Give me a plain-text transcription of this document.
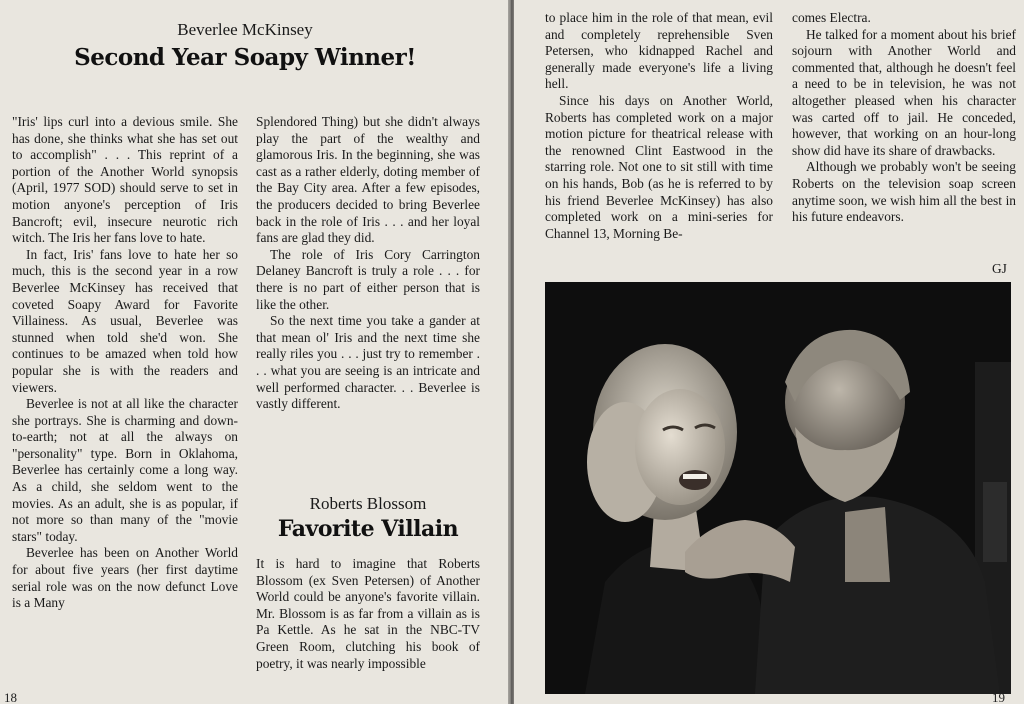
Beverlee McKinsey
Second Year Soapy Winner!

"Iris' lips curl into a devious smile. She has done, she thinks what she has set out to accomplish" . . . This reprint of a portion of the Another World synopsis (April, 1977 SOD) should serve to set in motion anyone's perception of Iris Bancroft; evil, insecure neurotic rich witch. The Iris her fans love to hate.

In fact, Iris' fans love to hate her so much, this is the second year in a row Beverlee McKinsey has received that coveted Soapy Award for Favorite Villainess. As usual, Beverlee was stunned when told she'd won. She continues to be amazed when told how popular she is with the readers and viewers.

Beverlee is not at all like the character she portrays. She is charming and down-to-earth; not at all the always on "personality" type. Born in Oklahoma, Beverlee has certainly come a long way. As a child, she seldom went to the movies. As an adult, she is as popular, if not more so than many of the "movie stars" today.

Beverlee has been on Another World for about five years (her first daytime serial role was on the now defunct Love is a Many

Splendored Thing) but she didn't always play the part of the wealthy and glamorous Iris. In the beginning, she was cast as a rather elderly, doting member of the Bay City area. After a few episodes, the producers decided to bring Beverlee back in the role of Iris . . . and her loyal fans are glad they did.

The role of Iris Cory Carrington Delaney Bancroft is truly a role . . . for there is no part of either person that is like the other.

So the next time you take a gander at that mean ol' Iris and the next time she really riles you . . . just try to remember . . . what you are seeing is an intricate and well performed character. . . Beverlee is vastly different.

Roberts Blossom
Favorite Villain

It is hard to imagine that Roberts Blossom (ex Sven Petersen) of Another World could be anyone's favorite villain. Mr. Blossom is as far from a villain as is Pa Kettle. As he sat in the NBC-TV Green Room, clutching his book of poetry, it was nearly impossible

18

to place him in the role of that mean, evil and completely reprehensible Sven Petersen, who kidnapped Rachel and generally made everyone's life a living hell.

Since his days on Another World, Roberts has completed work on a major motion picture for theatrical release with the renowned Clint Eastwood in the starring role. Not one to sit still with time on his hands, Bob (as he is referred to by his friend Beverlee McKinsey) has also completed work on a mini-series for Channel 13, Morning Be-

comes Electra.

He talked for a moment about his brief sojourn with Another World and commented that, although he doesn't feel a need to be in television, he was not altogether pleased when his character was carted off to jail. He conceded, however, that working on an hour-long show did have its share of drawbacks.

Although we probably won't be seeing Roberts on the television soap screen anytime soon, we wish him all the best in his future endeavors.

GJ
19
